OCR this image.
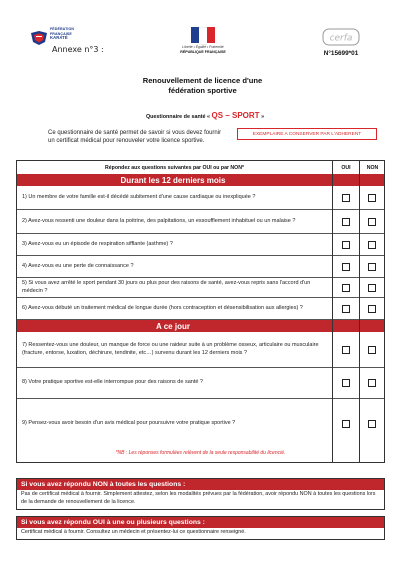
FÉDÉRATION
FRANÇAISE
KARATÉ
Annexe n°3 :	Liberté • Égalité • Fraternité
RÉPUBLIQUE FRANÇAISE
cerfa
N°15699*01
Renouvellement de licence d'une
fédération sportive
Questionnaire de santé « QS – SPORT »
Ce questionnaire de santé permet de savoir si vous devez fournir un certificat médical pour renouveler votre licence sportive.
EXEMPLAIRE A CONSERVER PAR L'ADHERENT
Répondez aux questions suivantes par OUI ou par NON*	OUI	NON
Durant les 12 derniers mois
1) Un membre de votre famille est-il décédé subitement d'une cause cardiaque ou inexpliquée ?
2) Avez-vous ressenti une douleur dans la poitrine, des palpitations, un essoufflement inhabituel ou un malaise ?
3) Avez-vous eu un épisode de respiration sifflante (asthme) ?
4) Avez-vous eu une perte de connaissance ?
5) Si vous avez arrêté le sport pendant 30 jours ou plus pour des raisons de santé, avez-vous repris sans l'accord d'un médecin ?
6) Avez-vous débuté un traitement médical de longue durée (hors contraception et désensibilisation aux allergies) ?
A ce jour
7) Ressentez-vous une douleur, un manque de force ou une raideur suite à un problème osseux, articulaire ou musculaire (fracture, entorse, luxation, déchirure, tendinite, etc…) survenu durant les 12 derniers mois ?
8) Votre pratique sportive est-elle interrompue pour des raisons de santé ?
9) Pensez-vous avoir besoin d'un avis médical pour poursuivre votre pratique sportive ?
*NB : Les réponses formulées relèvent de la seule responsabilité du licencié.
Si vous avez répondu NON à toutes les questions :
Pas de certificat médical à fournir. Simplement attestez, selon les modalités prévues par la fédération, avoir répondu NON à toutes les questions lors de la demande de renouvellement de la licence.
Si vous avez répondu OUI à une ou plusieurs questions :
Certificat médical à fournir. Consultez un médecin et présentez-lui ce questionnaire renseigné.
